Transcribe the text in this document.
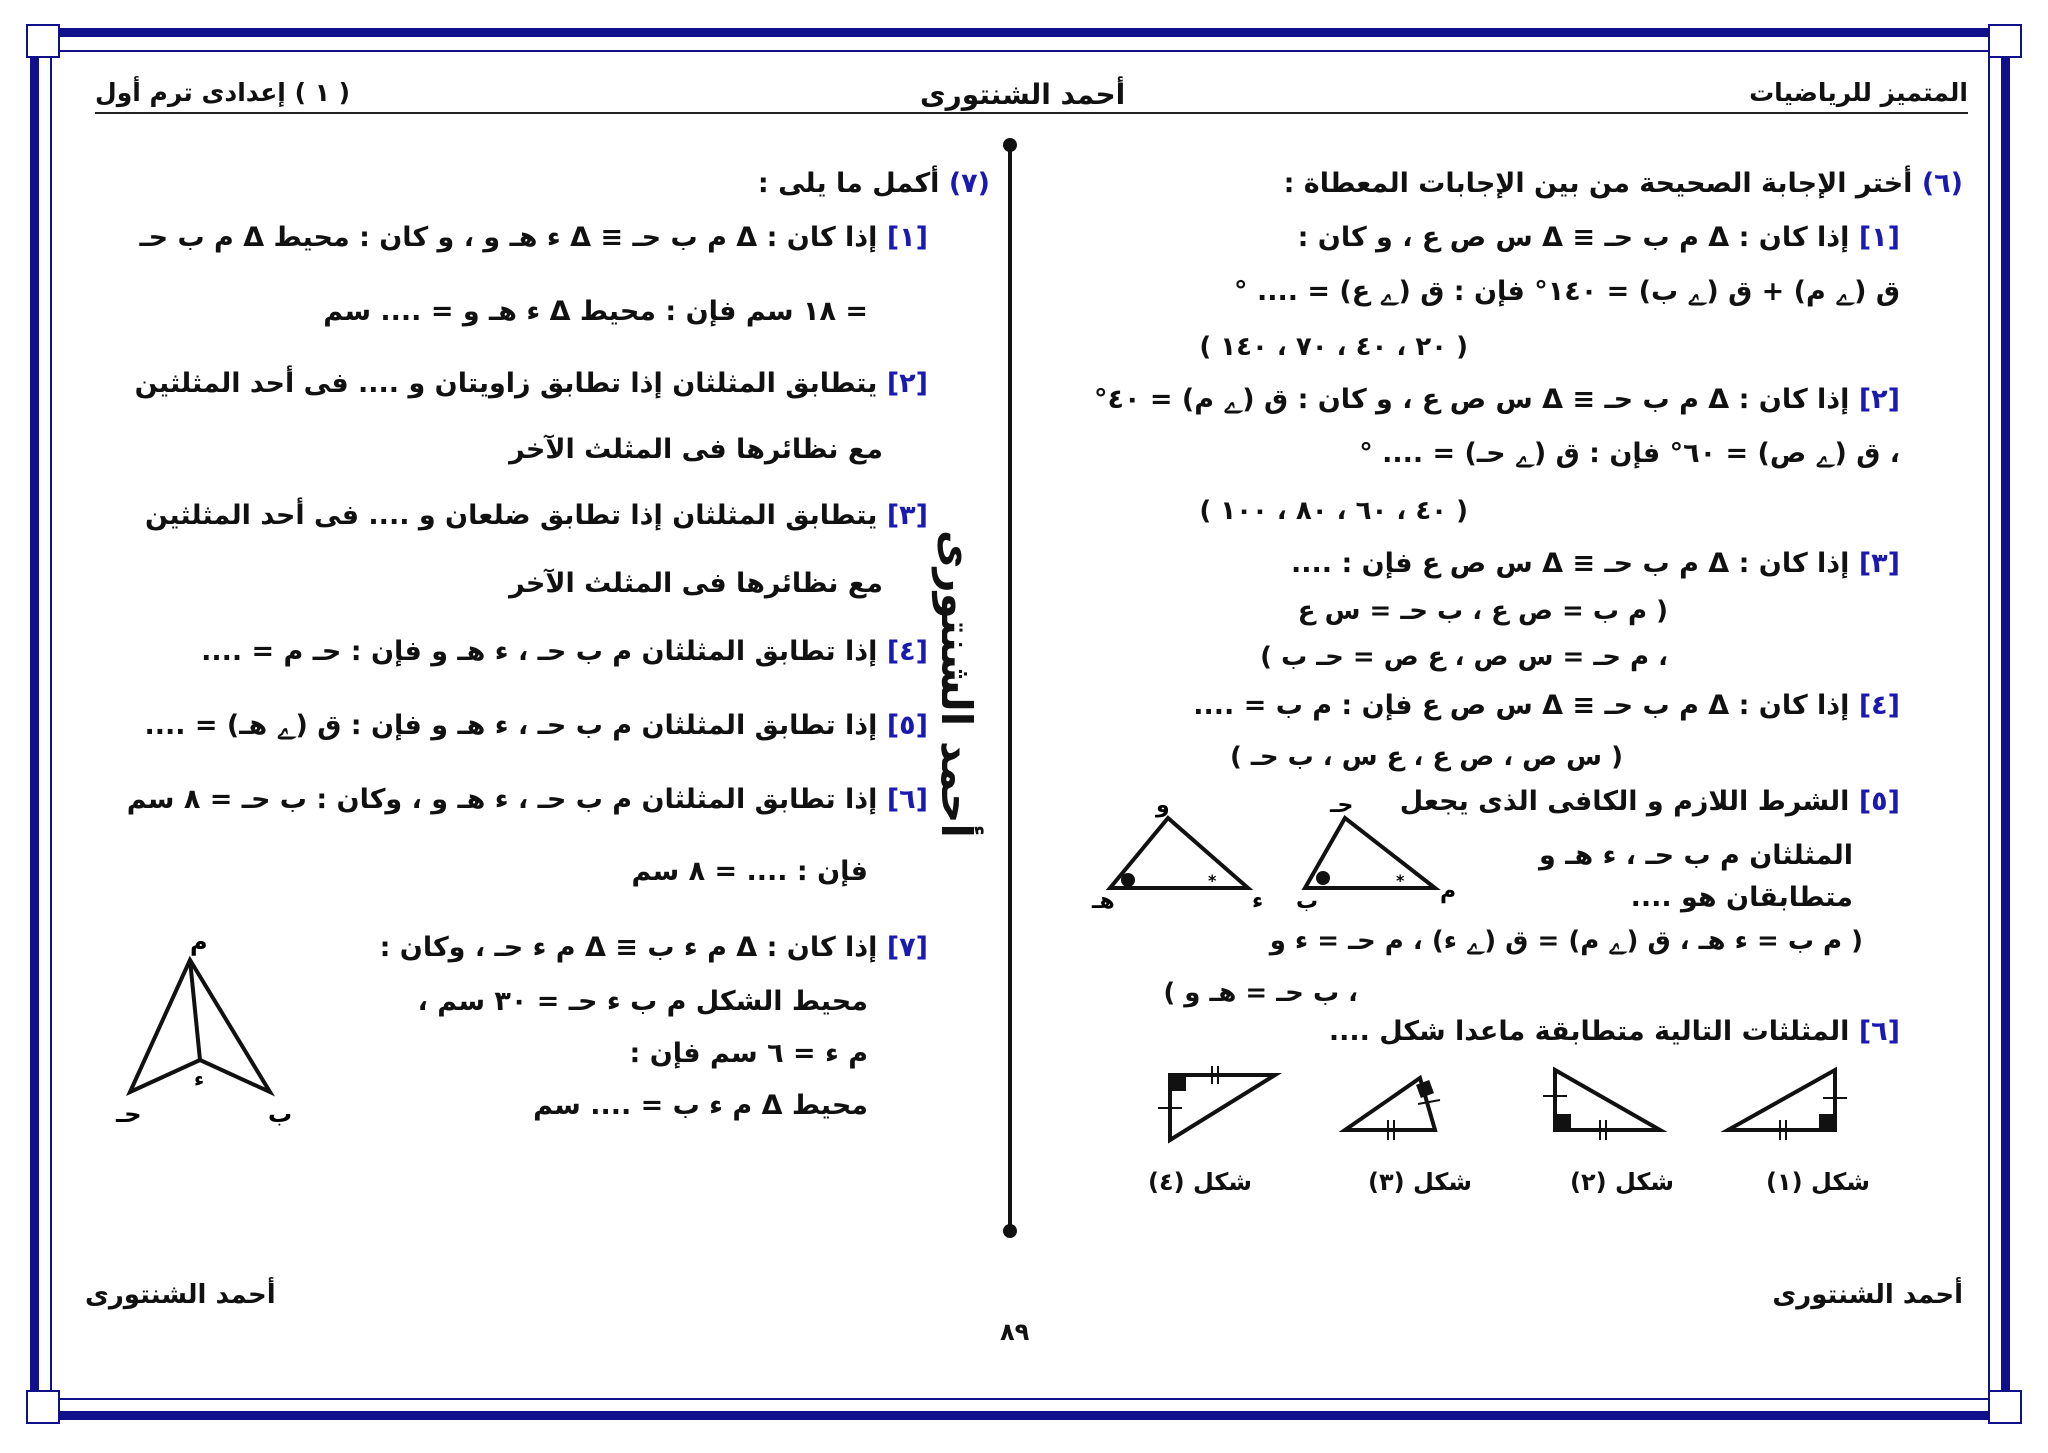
المتميز للرياضيات
أحمد الشنتورى
( ١ ) إعدادى ترم أول
أحمد الشنتورى
(٦) أختر الإجابة الصحيحة من بين الإجابات المعطاة :
[١] إذا كان : Δ ﻡ ب حـ ≡ Δ س ص ع ، و كان :
ق (ﮮ ﻡ) + ق (ﮮ ب) = ١٤٠° فإن : ق (ﮮ ع) = .... °
( ٢٠ ، ٤٠ ، ٧٠ ، ١٤٠ )
[٢] إذا كان : Δ ﻡ ب حـ ≡ Δ س ص ع ، و كان : ق (ﮮ ﻡ) = ٤٠°
، ق (ﮮ ص) = ٦٠° فإن : ق (ﮮ حـ) = .... °
( ٤٠ ، ٦٠ ، ٨٠ ، ١٠٠ )
[٣] إذا كان : Δ ﻡ ب حـ ≡ Δ س ص ع فإن : ....
( ﻡ ب = ص ع ، ب حـ = س ع
، ﻡ حـ = س ص ، ع ص = حـ ب )
[٤] إذا كان : Δ ﻡ ب حـ ≡ Δ س ص ع فإن : ﻡ ب = ....
( س ص ، ص ع ، ع س ، ب حـ )
[٥] الشرط اللازم و الكافى الذى يجعل
المثلثان ﻡ ب حـ ، ء هـ و
متطابقان هو ....
( ﻡ ب = ء هـ ، ق (ﮮ ﻡ) = ق (ﮮ ء) ، ﻡ حـ = ء و
، ب حـ = هـ و )
*
و
هـ	ء
*
حـ
ب	ﻡ
[٦] المثلثات التالية متطابقة ماعدا شكل ....
شكل (١)
شكل (٢)
شكل (٣)
شكل (٤)
(٧) أكمل ما يلى :
[١] إذا كان : Δ ﻡ ب حـ ≡ Δ ء هـ و ، و كان : محيط Δ ﻡ ب حـ
= ١٨ سم فإن : محيط Δ ء هـ و = .... سم
[٢] يتطابق المثلثان إذا تطابق زاويتان و .... فى أحد المثلثين
مع نظائرها فى المثلث الآخر
[٣] يتطابق المثلثان إذا تطابق ضلعان و .... فى أحد المثلثين
مع نظائرها فى المثلث الآخر
[٤] إذا تطابق المثلثان ﻡ ب حـ ، ء هـ و فإن : حـ ﻡ = ....
[٥] إذا تطابق المثلثان ﻡ ب حـ ، ء هـ و فإن : ق (ﮮ هـ) = ....
[٦] إذا تطابق المثلثان ﻡ ب حـ ، ء هـ و ، وكان : ب حـ = ٨ سم
فإن : .... = ٨ سم
[٧] إذا كان : Δ ﻡ ء ب ≡ Δ ﻡ ء حـ ، وكان :
محيط الشكل ﻡ ب ء حـ = ٣٠ سم ،
ﻡ ء = ٦ سم فإن :
محيط Δ ﻡ ء ب = .... سم
ﻡ
حـ	ب
ء
أحمد الشنتورى
أحمد الشنتورى
٨٩
